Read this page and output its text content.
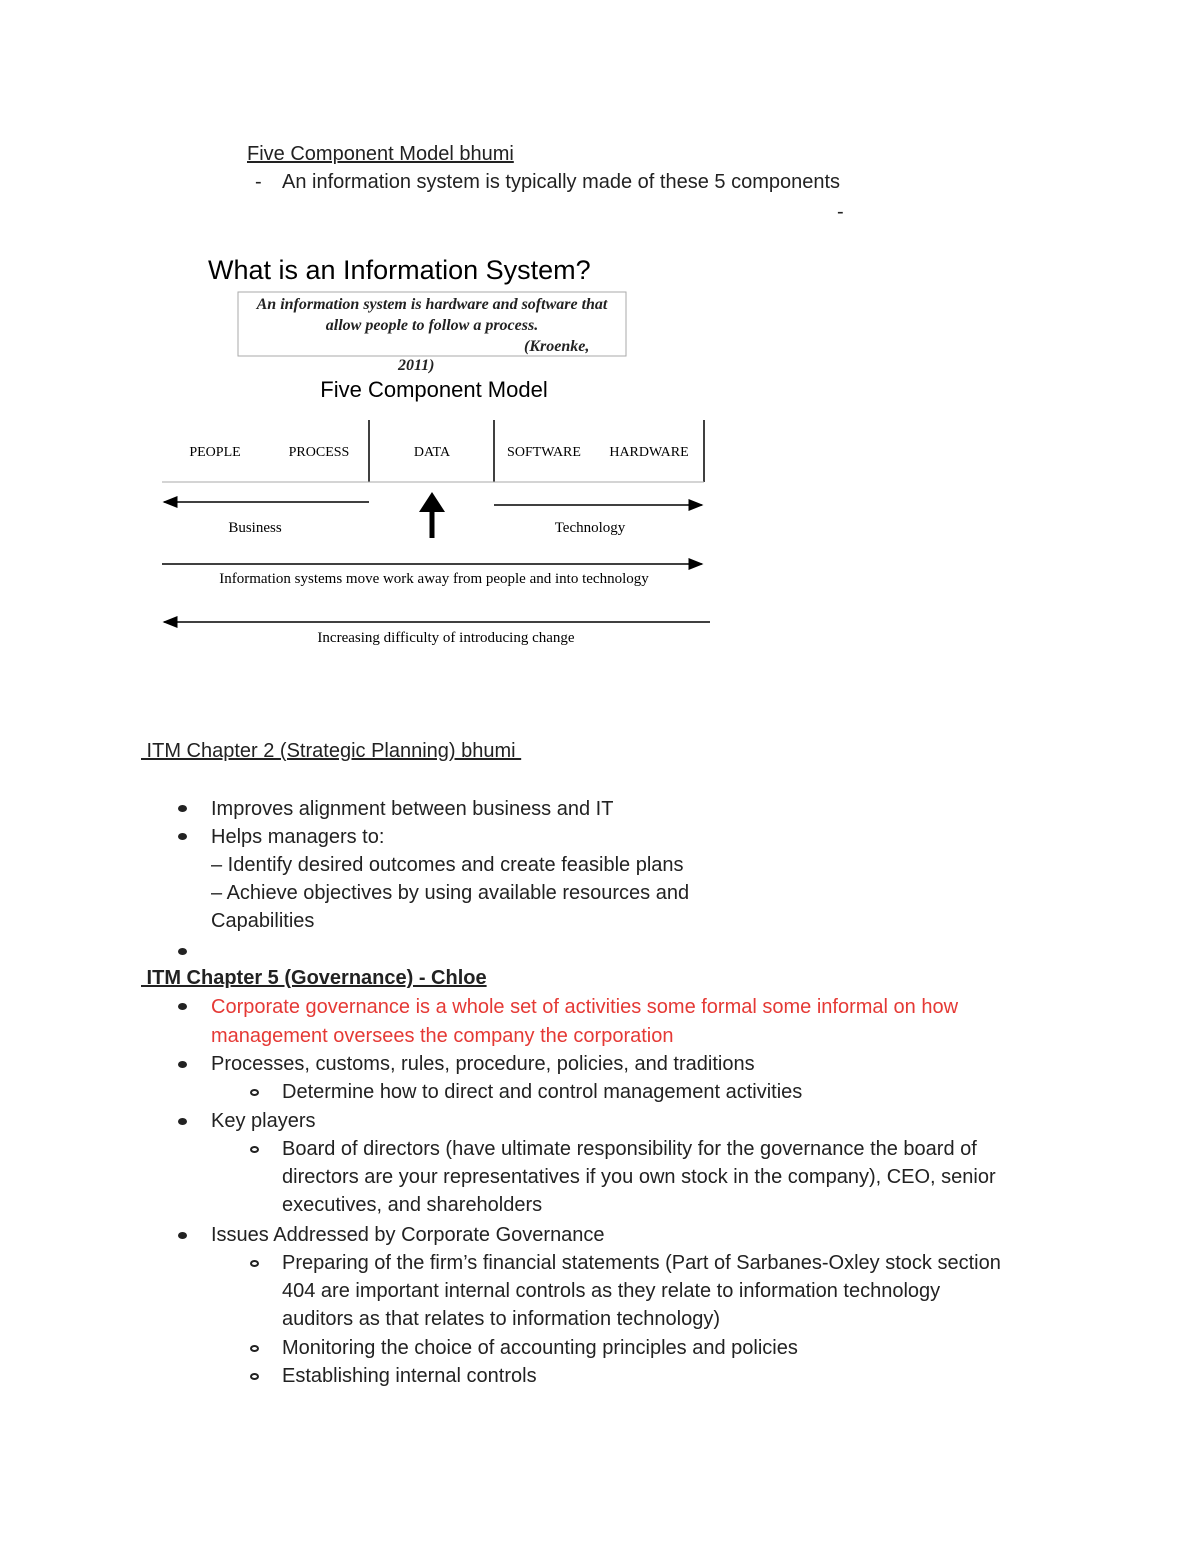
Five Component Model bhumi
- An information system is typically made of these 5 components
-
What is an Information System?
An information system is hardware and software that
allow people to follow a process.
(Kroenke,
2011)
Five Component Model
PEOPLE	PROCESS	DATA	SOFTWARE HARDWARE
Business	Technology
Information systems move work away from people and into technology
Increasing difficulty of introducing change
ITM Chapter 2 (Strategic Planning) bhumi
Improves alignment between business and IT
Helps managers to:
– Identify desired outcomes and create feasible plans
– Achieve objectives by using available resources and
Capabilities
ITM Chapter 5 (Governance) - Chloe
Corporate governance is a whole set of activities some formal some informal on how
management oversees the company the corporation
Processes, customs, rules, procedure, policies, and traditions
Determine how to direct and control management activities
Key players
Board of directors (have ultimate responsibility for the governance the board of
directors are your representatives if you own stock in the company), CEO, senior
executives, and shareholders
Issues Addressed by Corporate Governance
Preparing of the firm’s financial statements (Part of Sarbanes-Oxley stock section
404 are important internal controls as they relate to information technology
auditors as that relates to information technology)
Monitoring the choice of accounting principles and policies
Establishing internal controls
